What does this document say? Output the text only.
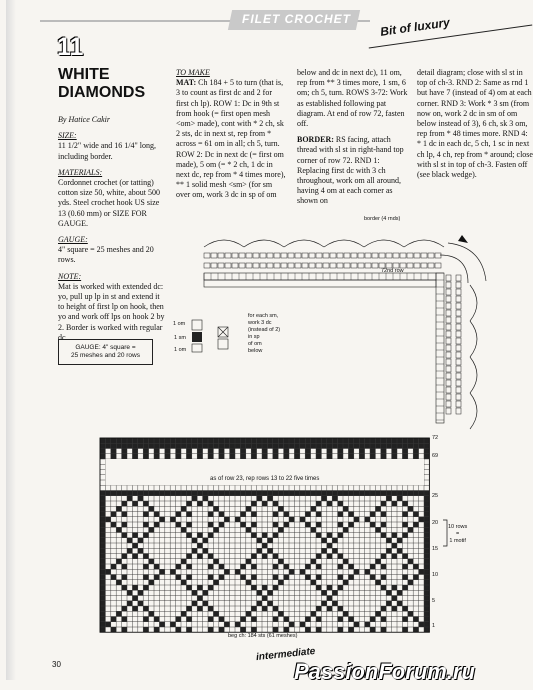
FILET CROCHET Bit of luxury
11
WHITE DIAMONDS

By Hatice Cakir

SIZE:

11 1/2" wide and 16 1/4" long, including border.

MATERIALS:

Cordonnet crochet (or tatting) cotton size 50, white, about 500 yds. Steel crochet hook US size 13 (0.60 mm) or SIZE FOR GAUGE.

GAUGE:

4" square = 25 meshes and 20 rows.

NOTE:

Mat is worked with extended dc: yo, pull up lp in st and extend it to height of first lp on hook, then yo and work off lps on hook 2 by 2. Border is worked with regular dc.

GAUGE: 4" square =
25 meshes and 20 rows

TO MAKE

MAT: Ch 184 + 5 to turn (that is, 3 to count as first dc and 2 for first ch lp). ROW 1: Dc in 9th st from hook (= first open mesh <om> made), cont with * 2 ch, sk 2 sts, dc in next st, rep from * across = 61 om in all; ch 5, turn. ROW 2: Dc in next dc (= first om made), 5 om (= * 2 ch, 1 dc in next dc, rep from * 4 times more), ** 1 solid mesh <sm> (for sm over om, work 3 dc in sp of om

below and dc in next dc), 11 om, rep from ** 3 times more, 1 sm, 6 om; ch 5, turn. ROWS 3-72: Work as established following pat diagram. At end of row 72, fasten off.

BORDER: RS facing, attach thread with sl st in right-hand top corner of row 72. RND 1: Replacing first dc with 3 ch throughout, work om all around, having 4 om at each corner as shown on

detail diagram; close with sl st in top of ch-3. RND 2: Same as rnd 1 but have 7 (instead of 4) om at each corner. RND 3: Work * 3 sm (from now on, work 2 dc in sm of om below instead of 3), 6 ch, sk 3 om, rep from * 48 times more. RND 4: * 1 dc in each dc, 5 ch, 1 sc in next ch lp, 4 ch, rep from * around; close with sl st in top of ch-3. Fasten off (see black wedge).

border (4 rnds)
72nd row
1 om
1 sm
1 om
for each sm,
work 3 dc
(instead of 2)
in sp
of om
below
as of row 23, rep rows 13 to 22 five times
72
69
25
20
15
10
5
1
10 rows
=
1 motif
beg ch: 184 sts (61 meshes)
30
intermediate
PassionForum.ru
